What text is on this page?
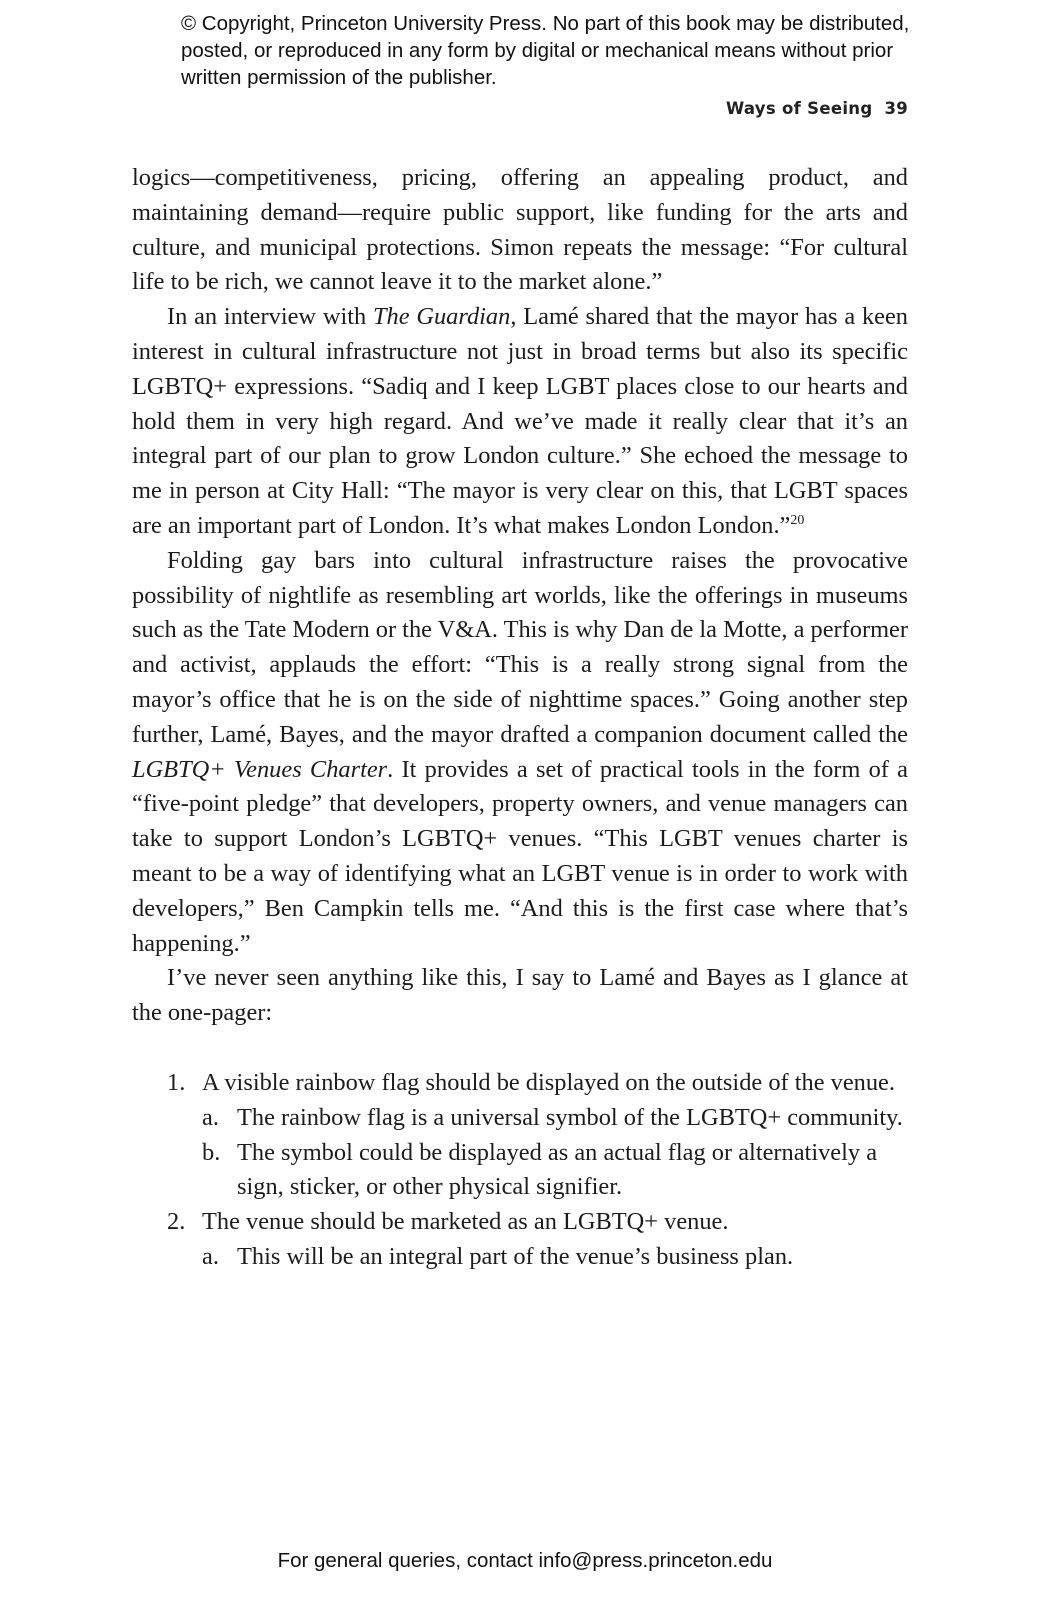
© Copyright, Princeton University Press. No part of this book may be distributed, posted, or reproduced in any form by digital or mechanical means without prior written permission of the publisher.
Ways of Seeing 39

logics—competitiveness, pricing, offering an appealing product, and maintaining demand—require public support, like funding for the arts and culture, and municipal protections. Simon repeats the message: “For cultural life to be rich, we cannot leave it to the market alone.”

In an interview with The Guardian, Lamé shared that the mayor has a keen interest in cultural infrastructure not just in broad terms but also its specific LGBTQ+ expressions. “Sadiq and I keep LGBT places close to our hearts and hold them in very high regard. And we’ve made it really clear that it’s an integral part of our plan to grow London culture.” She echoed the message to me in person at City Hall: “The mayor is very clear on this, that LGBT spaces are an important part of London. It’s what makes London London.”$^{20}$

Folding gay bars into cultural infrastructure raises the provocative possibility of nightlife as resembling art worlds, like the offerings in museums such as the Tate Modern or the V&A. This is why Dan de la Motte, a performer and activist, applauds the effort: “This is a really strong signal from the mayor’s office that he is on the side of nighttime spaces.” Going another step further, Lamé, Bayes, and the mayor drafted a companion document called the LGBTQ+ Venues Charter. It provides a set of practical tools in the form of a “five-point pledge” that developers, property owners, and venue managers can take to support London’s LGBTQ+ venues. “This LGBT venues charter is meant to be a way of identifying what an LGBT venue is in order to work with developers,” Ben Campkin tells me. “And this is the first case where that’s happening.”

I’ve never seen anything like this, I say to Lamé and Bayes as I glance at the one-pager:

1. A visible rainbow flag should be displayed on the outside of the venue.
a. The rainbow flag is a universal symbol of the LGBTQ+ community.
b. The symbol could be displayed as an actual flag or alternatively a sign, sticker, or other physical signifier.
2. The venue should be marketed as an LGBTQ+ venue.
a. This will be an integral part of the venue’s business plan.
For general queries, contact info@press.princeton.edu
